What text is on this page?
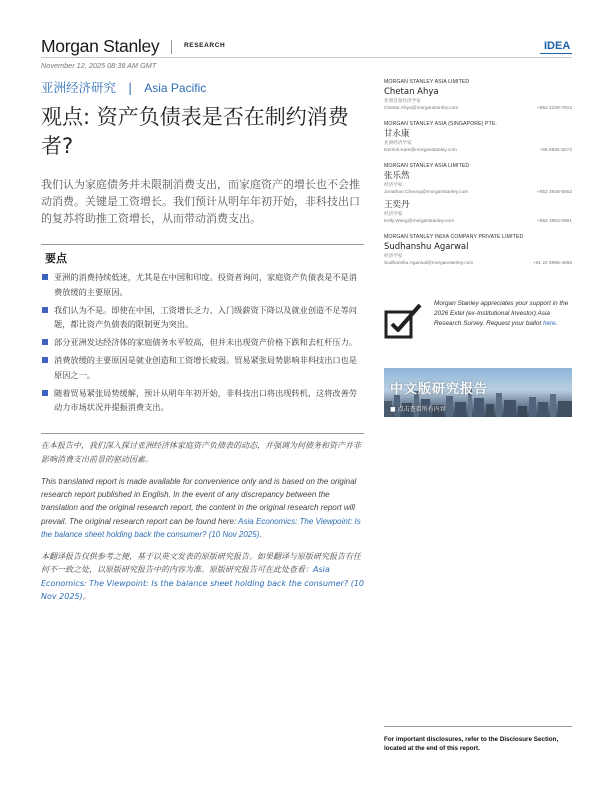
Morgan Stanley	RESEARCH	IDEA
November 12, 2025 08:38 AM GMT
亚洲经济研究 | Asia Pacific
观点: 资产负债表是否在制约消费者?

我们认为家庭债务并未限制消费支出，而家庭资产的增长也不会推动消费。关键是工资增长。我们预计从明年年初开始，非科技出口的复苏将助推工资增长，从而带动消费支出。

要点
亚洲的消费持续低迷，尤其是在中国和印度。投资者询问，家庭资产负债表是不是消费放缓的主要原因。
我们认为不是。即使在中国，工资增长乏力、入门级薪资下降以及就业创造不足等问题，都比资产负债表的限制更为突出。
部分亚洲发达经济体的家庭债务水平较高，但并未出现资产价格下跌和去杠杆压力。
消费放缓的主要原因是就业创造和工资增长疲弱。贸易紧张局势影响非科技出口也是原因之一。
随着贸易紧张局势缓解，预计从明年年初开始，非科技出口将出现转机，这将改善劳动力市场状况并提振消费支出。

在本报告中，我们深入探讨亚洲经济体家庭资产负债表的动态，并强调为何债务和资产并非影响消费支出前景的驱动因素。

This translated report is made available for convenience only and is based on the original research report published in English. In the event of any discrepancy between the translation and the original research report, the content in the original research report will prevail. The original research report can be found here: Asia Economics: The Viewpoint: Is the balance sheet holding back the consumer? (10 Nov 2025).

本翻译报告仅供参考之便，基于以英文发表的原版研究报告。如果翻译与原版研究报告有任何不一致之处，以原版研究报告中的内容为准。原版研究报告可在此处查看：Asia Economics: The Viewpoint: Is the balance sheet holding back the consumer? (10 Nov 2025)。

MORGAN STANLEY ASIA LIMITED
Chetan Ahya
亚洲首席经济学家
Chetan.Ahya@morganstanley.com	+852 2239-7812
MORGAN STANLEY ASIA (SINGAPORE) PTE.
甘永康
亚洲经济学家
Derrick.Kam@morganstanley.com	+65 6834-8272
MORGAN STANLEY ASIA LIMITED
张乐然
经济学家
Jonathan.Cheung@morganstanley.com	+852 3848-5652
王奕丹
经济学家
Kelly.Wang@morganstanley.com	+852 3963-0891
MORGAN STANLEY INDIA COMPANY PRIVATE LIMITED
Sudhanshu Agarwal
经济学家
Sudhanshu.Agarwal@morganstanley.com	+91 22 6995-4866

Morgan Stanley appreciates your support in the 2026 Extel (ex-Institutional Investor) Asia Research Survey. Request your ballot here.

中文版研究报告
■ 点击查看所有内容
For important disclosures, refer to the Disclosure Section, located at the end of this report.
